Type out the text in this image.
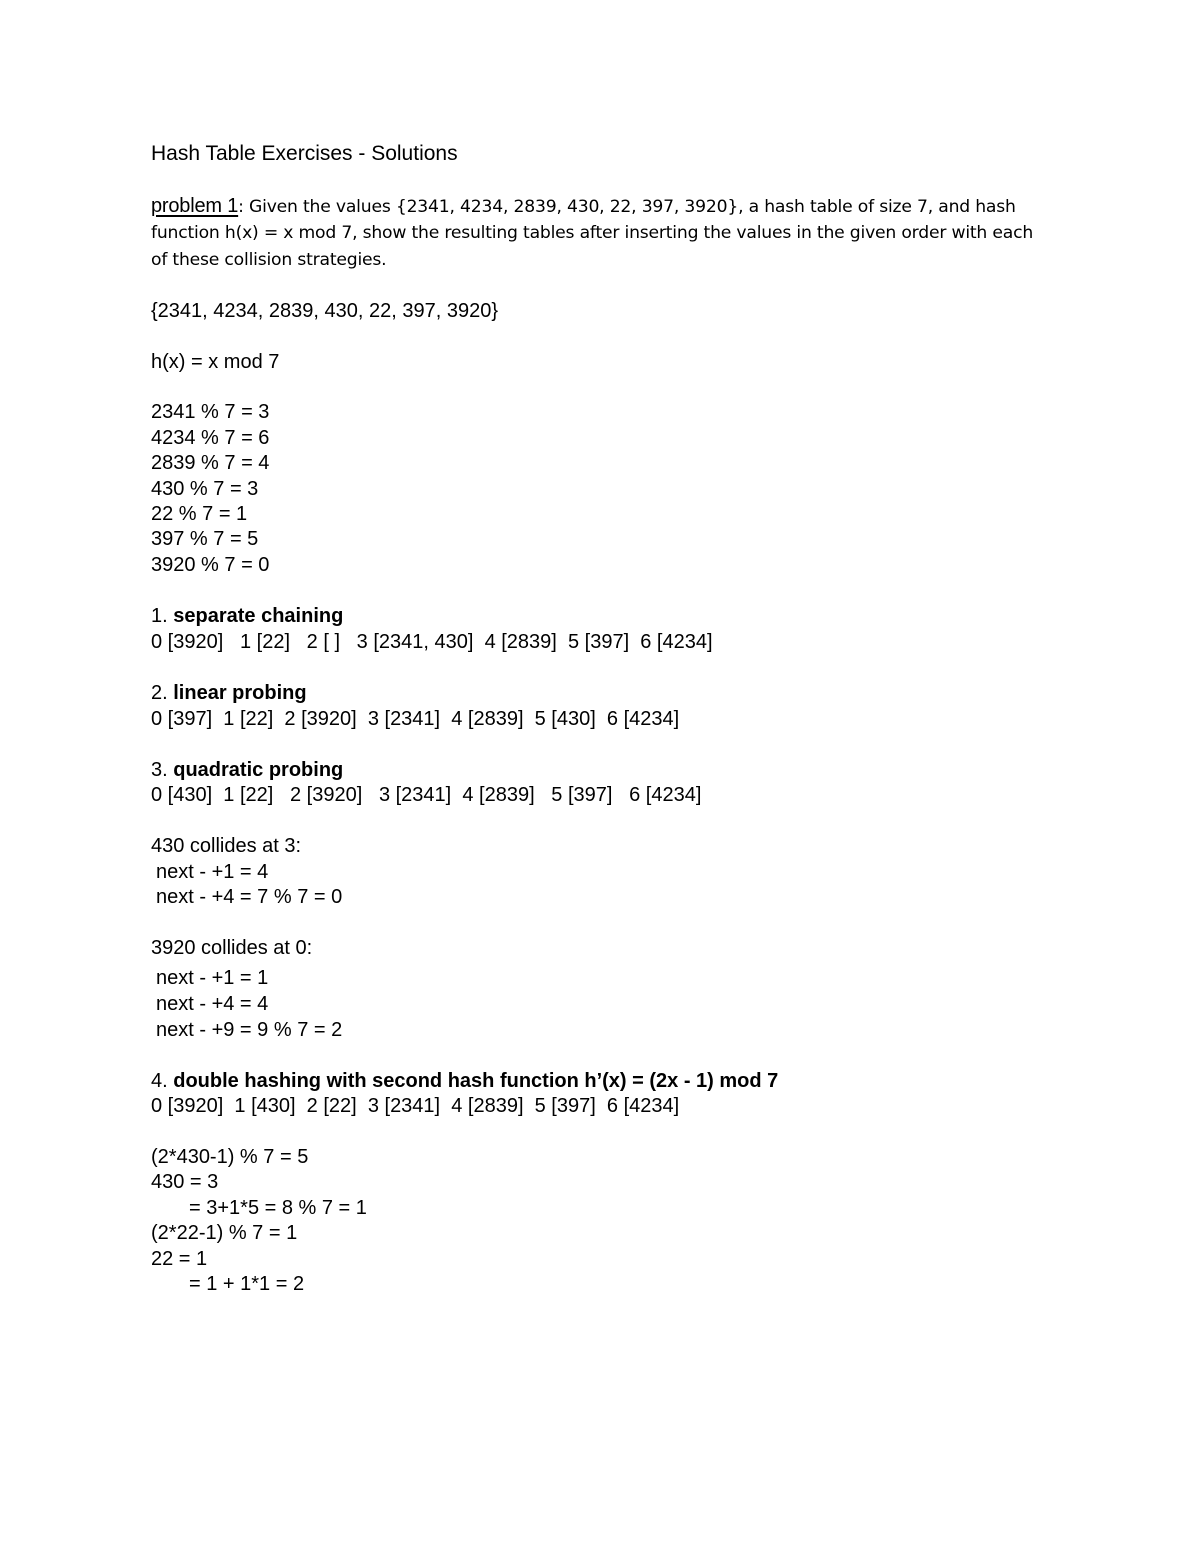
Hash Table Exercises - Solutions

problem 1: Given the values {2341, 4234, 2839, 430, 22, 397, 3920}, a hash table of size 7, and hash

function h(x) = x mod 7, show the resulting tables after inserting the values in the given order with each

of these collision strategies.

{2341, 4234, 2839, 430, 22, 397, 3920}

h(x) = x mod 7

2341 % 7 = 3

4234 % 7 = 6

2839 % 7 = 4

430 % 7 = 3

22 % 7 = 1

397 % 7 = 5

3920 % 7 = 0

1. separate chaining

0 [3920]   1 [22]   2 [ ]   3 [2341, 430]  4 [2839]  5 [397]  6 [4234]

2. linear probing

0 [397]  1 [22]  2 [3920]  3 [2341]  4 [2839]  5 [430]  6 [4234]

3. quadratic probing

0 [430]  1 [22]   2 [3920]   3 [2341]  4 [2839]   5 [397]   6 [4234]

430 collides at 3:

next - +1 = 4

next - +4 = 7 % 7 = 0

3920 collides at 0:

next - +1 = 1

next - +4 = 4

next - +9 = 9 % 7 = 2

4. double hashing with second hash function h’(x) = (2x - 1) mod 7

0 [3920]  1 [430]  2 [22]  3 [2341]  4 [2839]  5 [397]  6 [4234]

(2*430-1) % 7 = 5

430 = 3

= 3+1*5 = 8 % 7 = 1

(2*22-1) % 7 = 1

22 = 1

= 1 + 1*1 = 2
